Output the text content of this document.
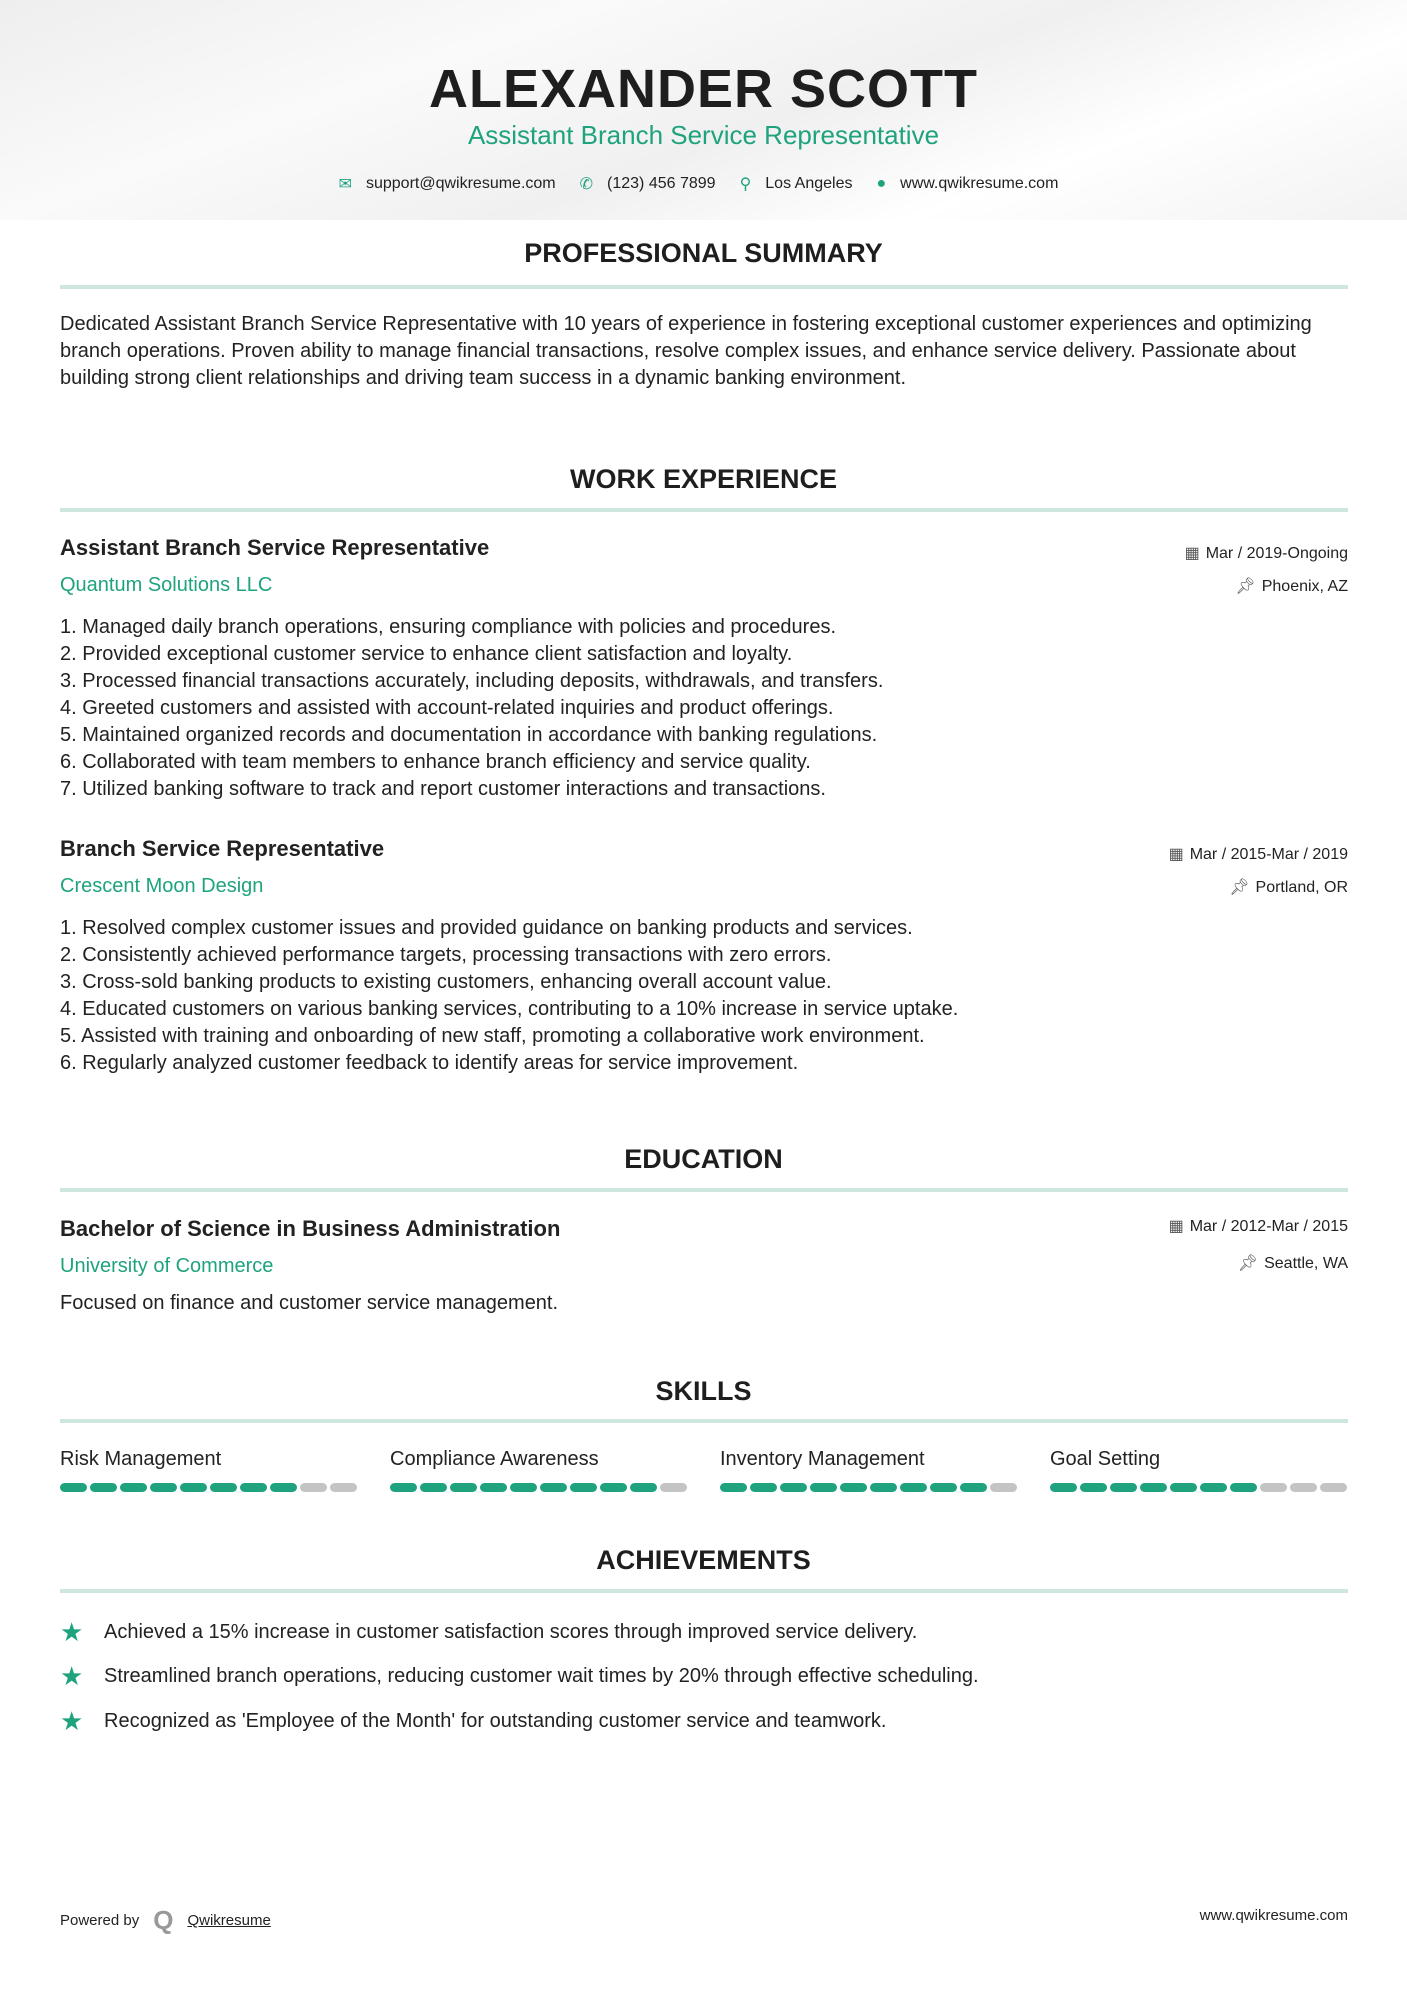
ALEXANDER SCOTT
Assistant Branch Service Representative
✉ support@qwikresume.com ✆ (123) 456 7899 ⚲ Los Angeles ● www.qwikresume.com
PROFESSIONAL SUMMARY
Dedicated Assistant Branch Service Representative with 10 years of experience in fostering exceptional customer experiences and optimizing branch operations. Proven ability to manage financial transactions, resolve complex issues, and enhance service delivery. Passionate about building strong client relationships and driving team success in a dynamic banking environment.
WORK EXPERIENCE
Assistant Branch Service Representative
Quantum Solutions LLC
▦ Mar / 2019-Ongoing
📌︎ Phoenix, AZ
1. Managed daily branch operations, ensuring compliance with policies and procedures.
2. Provided exceptional customer service to enhance client satisfaction and loyalty.
3. Processed financial transactions accurately, including deposits, withdrawals, and transfers.
4. Greeted customers and assisted with account-related inquiries and product offerings.
5. Maintained organized records and documentation in accordance with banking regulations.
6. Collaborated with team members to enhance branch efficiency and service quality.
7. Utilized banking software to track and report customer interactions and transactions.
Branch Service Representative
Crescent Moon Design
▦ Mar / 2015-Mar / 2019
📌︎ Portland, OR
1. Resolved complex customer issues and provided guidance on banking products and services.
2. Consistently achieved performance targets, processing transactions with zero errors.
3. Cross-sold banking products to existing customers, enhancing overall account value.
4. Educated customers on various banking services, contributing to a 10% increase in service uptake.
5. Assisted with training and onboarding of new staff, promoting a collaborative work environment.
6. Regularly analyzed customer feedback to identify areas for service improvement.
EDUCATION
Bachelor of Science in Business Administration
University of Commerce
▦ Mar / 2012-Mar / 2015
📌︎ Seattle, WA
Focused on finance and customer service management.
SKILLS
Risk Management	Compliance Awareness	Inventory Management	Goal Setting
ACHIEVEMENTS
★	Achieved a 15% increase in customer satisfaction scores through improved service delivery.
★	Streamlined branch operations, reducing customer wait times by 20% through effective scheduling.
★	Recognized as 'Employee of the Month' for outstanding customer service and teamwork.
Powered by Q Qwikresume	www.qwikresume.com
